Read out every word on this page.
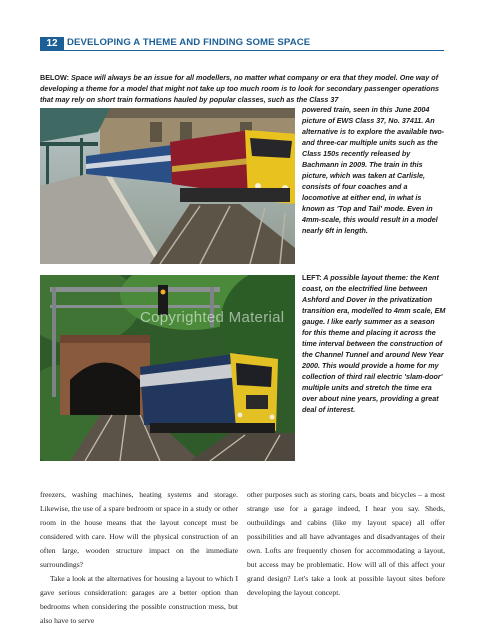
12 DEVELOPING A THEME AND FINDING SOME SPACE
BELOW: Space will always be an issue for all modellers, no matter what company or era that they model. One way of developing a theme for a model that might not take up too much room is to look for secondary passenger operations that may rely on short train formations hauled by popular classes, such as the Class 37
powered train, seen in this June 2004 picture of EWS Class 37, No. 37411. An alternative is to explore the available two- and three-car multiple units such as the Class 150s recently released by Bachmann in 2009. The train in this picture, which was taken at Carlisle, consists of four coaches and a locomotive at either end, in what is known as 'Top and Tail' mode. Even in 4mm-scale, this would result in a model nearly 6ft in length.
Copyrighted Material
LEFT: A possible layout theme: the Kent coast, on the electrified line between Ashford and Dover in the privatization transition era, modelled to 4mm scale, EM gauge. I like early summer as a season for this theme and placing it across the time interval between the construction of the Channel Tunnel and around New Year 2000. This would provide a home for my collection of third rail electric 'slam-door' multiple units and stretch the time era over about nine years, providing a great deal of interest.

freezers, washing machines, heating systems and storage. Likewise, the use of a spare bedroom or space in a study or other room in the house means that the layout concept must be considered with care. How will the physical construction of an often large, wooden structure impact on the immediate surroundings?

Take a look at the alternatives for housing a layout to which I gave serious consideration: garages are a better option than bedrooms when considering the possible construction mess, but also have to serve

other purposes such as storing cars, boats and bicycles – a most strange use for a garage indeed, I hear you say. Sheds, outbuildings and cabins (like my layout space) all offer possibilities and all have advantages and disadvantages of their own. Lofts are frequently chosen for accommodating a layout, but access may be problematic. How will all of this affect your grand design? Let's take a look at possible layout sites before developing the layout concept.
